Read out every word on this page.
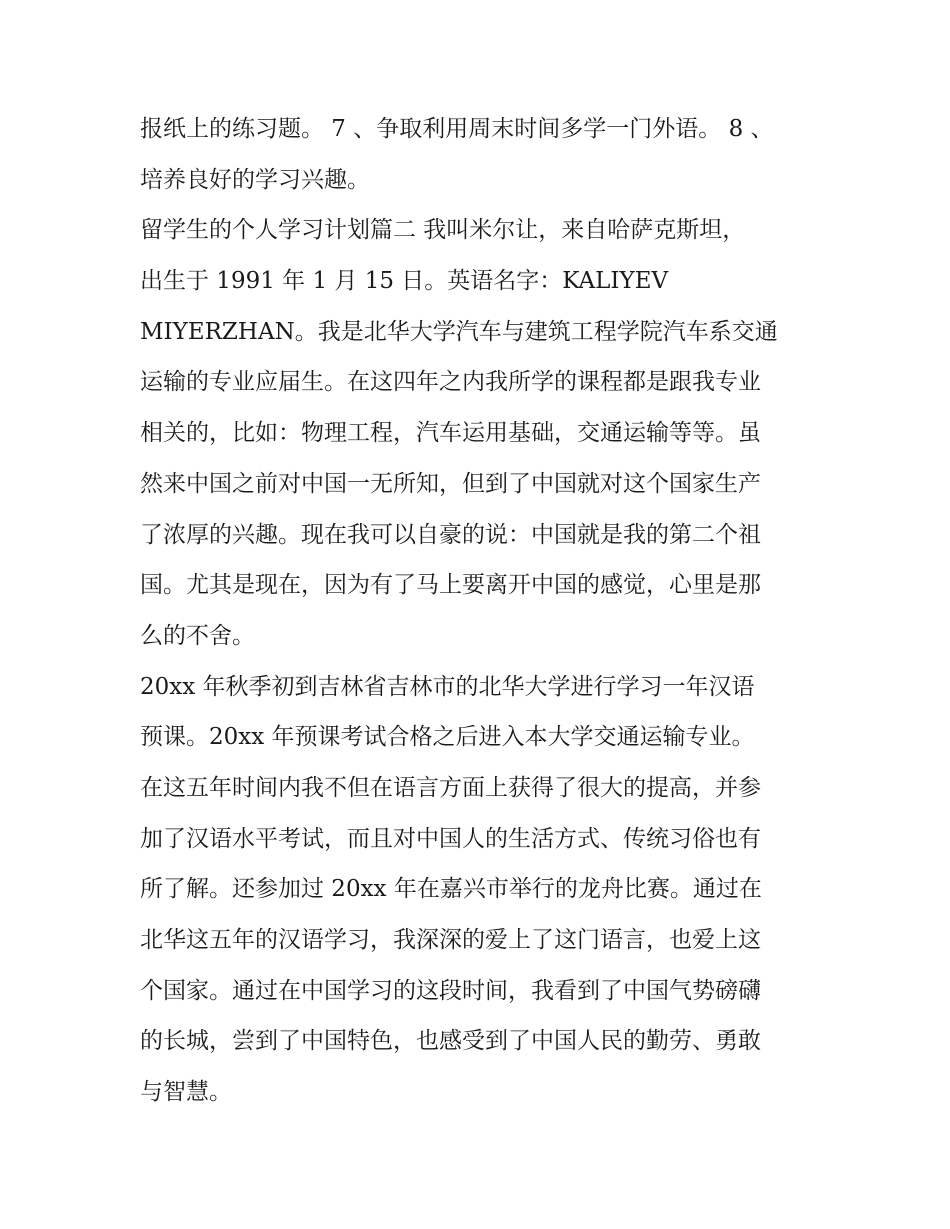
报纸上的练习题。 7 、争取利用周末时间多学一门外语。 8 、
培养良好的学习兴趣。
留学生的个人学习计划篇二 我叫米尔让，来自哈萨克斯坦，
出生于 1991 年 1 月 15 日。英语名字：KALIYEV
MIYERZHAN。我是北华大学汽车与建筑工程学院汽车系交通
运输的专业应届生。在这四年之内我所学的课程都是跟我专业
相关的，比如：物理工程，汽车运用基础，交通运输等等。虽
然来中国之前对中国一无所知，但到了中国就对这个国家生产
了浓厚的兴趣。现在我可以自豪的说：中国就是我的第二个祖
国。尤其是现在，因为有了马上要离开中国的感觉，心里是那
么的不舍。
20xx 年秋季初到吉林省吉林市的北华大学进行学习一年汉语
预课。20xx 年预课考试合格之后进入本大学交通运输专业。
在这五年时间内我不但在语言方面上获得了很大的提高，并参
加了汉语水平考试，而且对中国人的生活方式、传统习俗也有
所了解。还参加过 20xx 年在嘉兴市举行的龙舟比赛。通过在
北华这五年的汉语学习，我深深的爱上了这门语言，也爱上这
个国家。通过在中国学习的这段时间，我看到了中国气势磅礴
的长城，尝到了中国特色，也感受到了中国人民的勤劳、勇敢
与智慧。
